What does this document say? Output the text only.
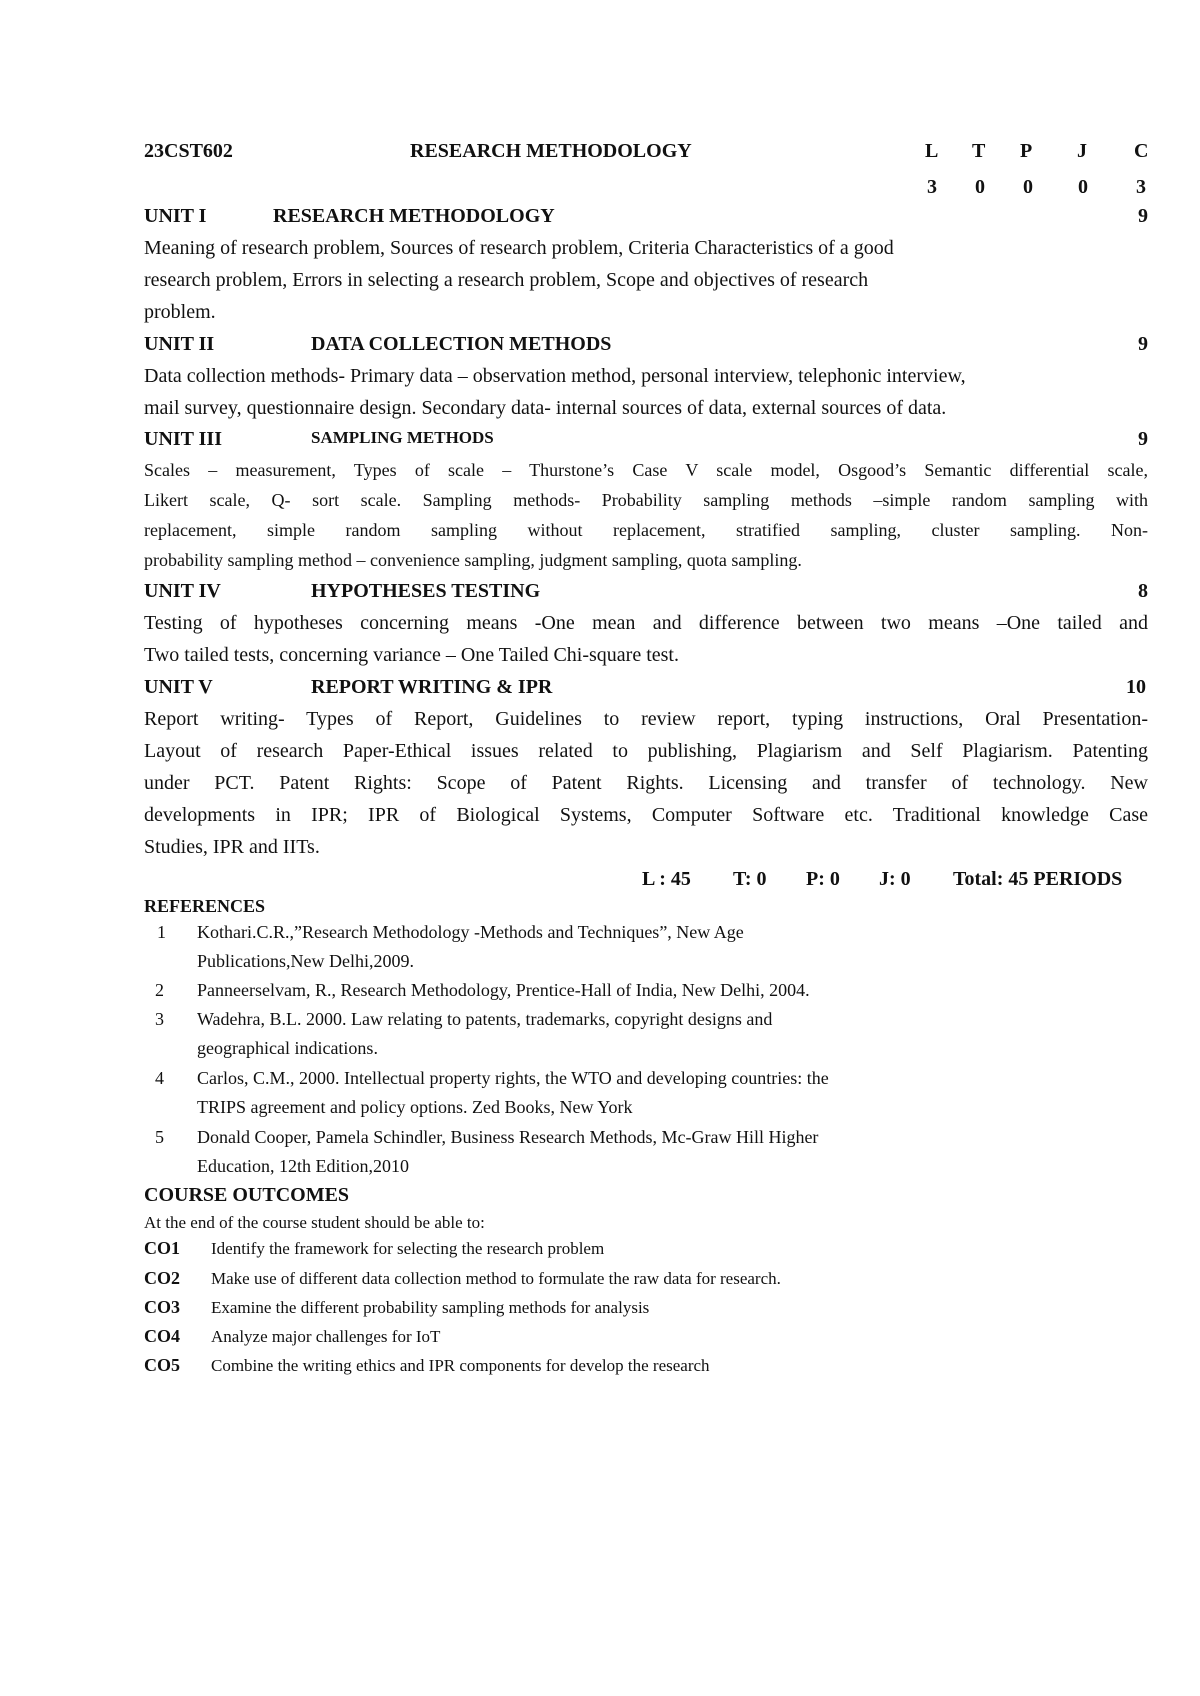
23CST602	RESEARCH METHODOLOGY	L T P J C
3 0 0 0 3
UNIT I	RESEARCH METHODOLOGY	9
Meaning of research problem, Sources of research problem, Criteria Characteristics of a good
research problem, Errors in selecting a research problem, Scope and objectives of research
problem.
UNIT II	DATA COLLECTION METHODS	9
Data collection methods- Primary data – observation method, personal interview, telephonic interview,
mail survey, questionnaire design. Secondary data- internal sources of data, external sources of data.
UNIT III	SAMPLING METHODS	9
Scales – measurement, Types of scale – Thurstone’s Case V scale model, Osgood’s Semantic differential scale,
Likert scale, Q- sort scale. Sampling methods- Probability sampling methods –simple random sampling with
replacement, simple random sampling without replacement, stratified sampling, cluster sampling. Non-
probability sampling method – convenience sampling, judgment sampling, quota sampling.
UNIT IV	HYPOTHESES TESTING	8
Testing of hypotheses concerning means -One mean and difference between two means –One tailed and
Two tailed tests, concerning variance – One Tailed Chi-square test.
UNIT V	REPORT WRITING & IPR	10
Report writing- Types of Report, Guidelines to review report, typing instructions, Oral Presentation-
Layout of research Paper-Ethical issues related to publishing, Plagiarism and Self Plagiarism. Patenting
under PCT. Patent Rights: Scope of Patent Rights. Licensing and transfer of technology. New
developments in IPR; IPR of Biological Systems, Computer Software etc. Traditional knowledge Case
Studies, IPR and IITs.
L : 45 T: 0 P: 0 J: 0 Total: 45 PERIODS
REFERENCES
1 Kothari.C.R.,”Research Methodology -Methods and Techniques”, New Age
Publications,New Delhi,2009.
2 Panneerselvam, R., Research Methodology, Prentice-Hall of India, New Delhi, 2004.
3 Wadehra, B.L. 2000. Law relating to patents, trademarks, copyright designs and
geographical indications.
4 Carlos, C.M., 2000. Intellectual property rights, the WTO and developing countries: the
TRIPS agreement and policy options. Zed Books, New York
5 Donald Cooper, Pamela Schindler, Business Research Methods, Mc-Graw Hill Higher
Education, 12th Edition,2010
COURSE OUTCOMES
At the end of the course student should be able to:
CO1 Identify the framework for selecting the research problem
CO2 Make use of different data collection method to formulate the raw data for research.
CO3 Examine the different probability sampling methods for analysis
CO4 Analyze major challenges for IoT
CO5 Combine the writing ethics and IPR components for develop the research
